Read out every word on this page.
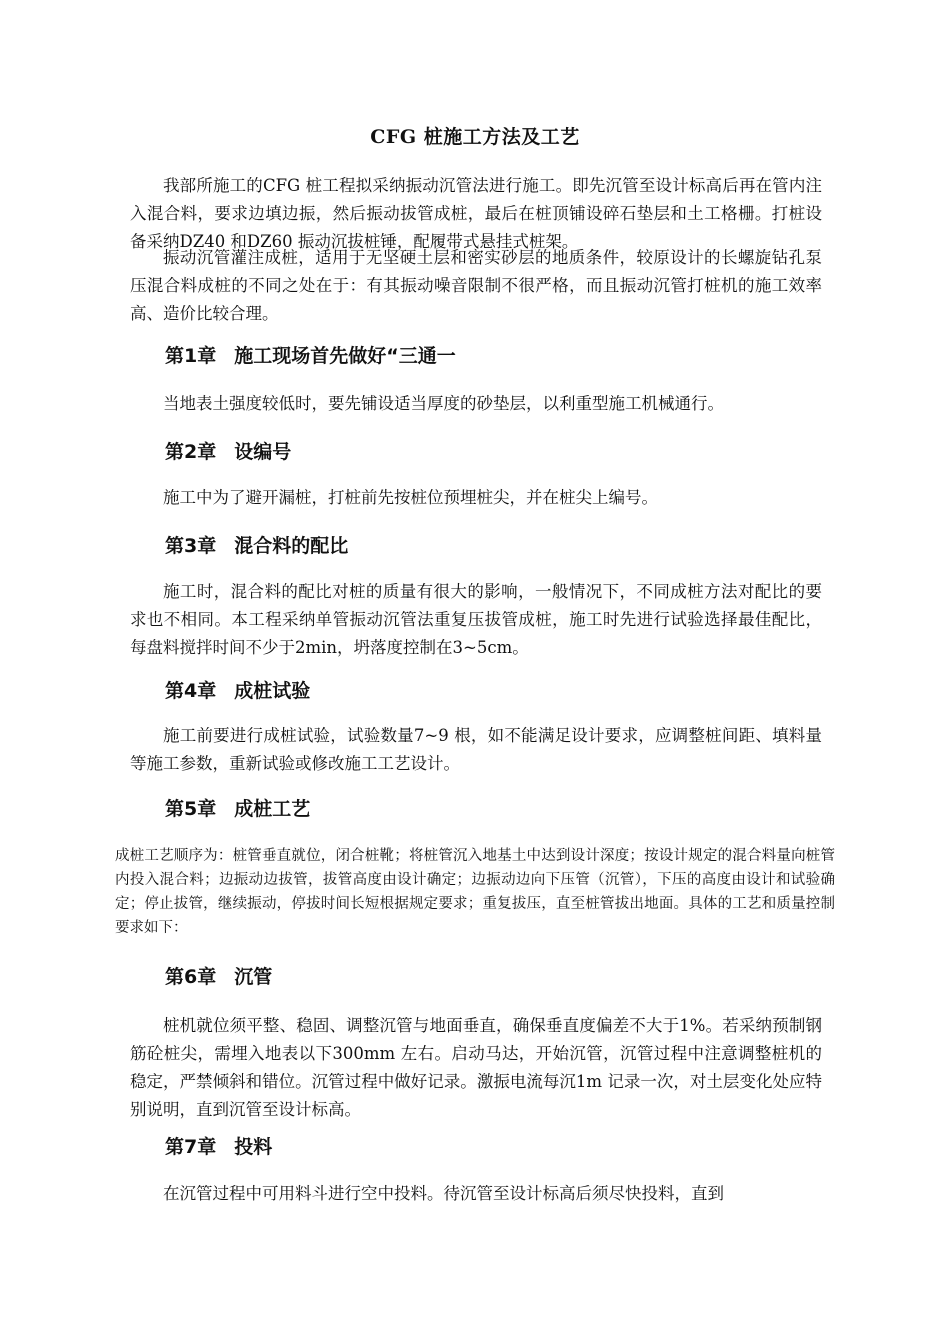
CFG 桩施工方法及工艺

我部所施工的CFG 桩工程拟采纳振动沉管法进行施工。即先沉管至设计标高后再在管内注入混合料，要求边填边振，然后振动拔管成桩，最后在桩顶铺设碎石垫层和土工格栅。打桩设备采纳DZ40 和DZ60 振动沉拔桩锤，配履带式悬挂式桩架。

振动沉管灌注成桩，适用于无坚硬土层和密实砂层的地质条件，较原设计的长螺旋钻孔泵压混合料成桩的不同之处在于：有其振动噪音限制不很严格，而且振动沉管打桩机的施工效率高、造价比较合理。

第1章 施工现场首先做好“三通一

当地表土强度较低时，要先铺设适当厚度的砂垫层，以利重型施工机械通行。

第2章 设编号

施工中为了避开漏桩，打桩前先按桩位预埋桩尖，并在桩尖上编号。

第3章 混合料的配比

施工时，混合料的配比对桩的质量有很大的影响，一般情况下，不同成桩方法对配比的要求也不相同。本工程采纳单管振动沉管法重复压拔管成桩，施工时先进行试验选择最佳配比，每盘料搅拌时间不少于2min，坍落度控制在3~5cm。

第4章 成桩试验

施工前要进行成桩试验，试验数量7~9 根，如不能满足设计要求，应调整桩间距、填料量等施工参数，重新试验或修改施工工艺设计。

第5章 成桩工艺

成桩工艺顺序为：桩管垂直就位，闭合桩靴；将桩管沉入地基土中达到设计深度；按设计规定的混合料量向桩管内投入混合料；边振动边拔管，拔管高度由设计确定；边振动边向下压管（沉管），下压的高度由设计和试验确定；停止拔管，继续振动，停拔时间长短根据规定要求；重复拔压，直至桩管拔出地面。具体的工艺和质量控制要求如下：

第6章 沉管

桩机就位须平整、稳固、调整沉管与地面垂直，确保垂直度偏差不大于1%。若采纳预制钢筋砼桩尖，需埋入地表以下300mm 左右。启动马达，开始沉管，沉管过程中注意调整桩机的稳定，严禁倾斜和错位。沉管过程中做好记录。激振电流每沉1m 记录一次，对土层变化处应特别说明，直到沉管至设计标高。

第7章 投料

在沉管过程中可用料斗进行空中投料。待沉管至设计标高后须尽快投料，直到
